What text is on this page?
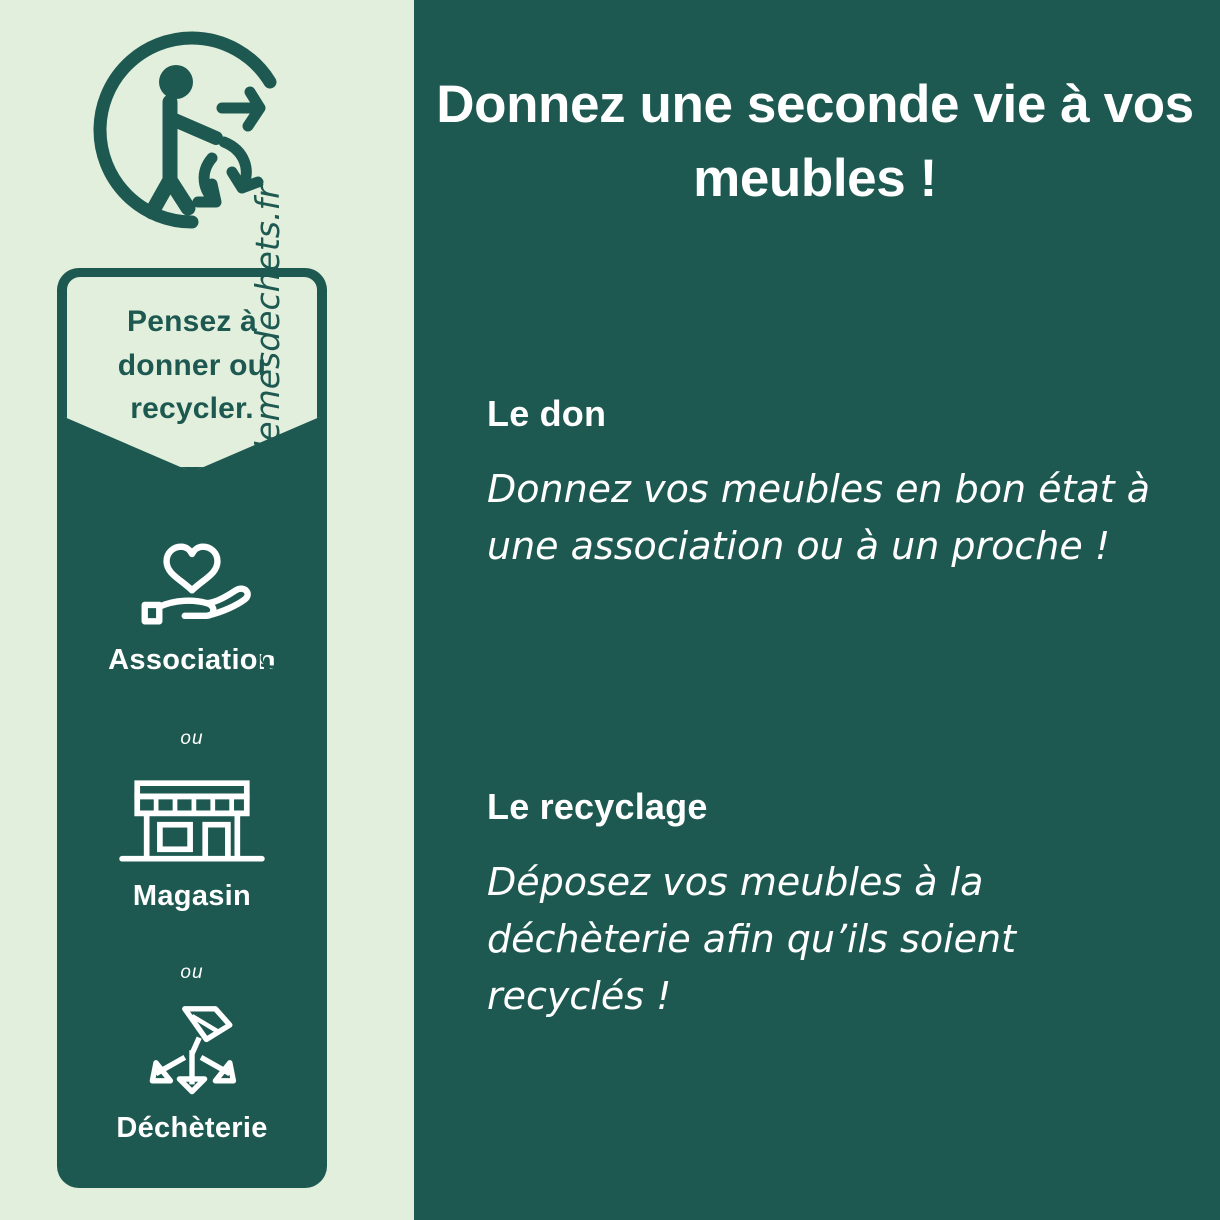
Pensez à
donner ou
recycler.
Association
ou
Magasin
ou
Déchèterie
https://quefairedemesdechets.fr
Donnez une seconde vie à vos meubles !
Le don
Donnez vos meubles en bon état à une association ou à un proche !
Le recyclage
Déposez vos meubles à la déchèterie afin qu’ils soient recyclés !
